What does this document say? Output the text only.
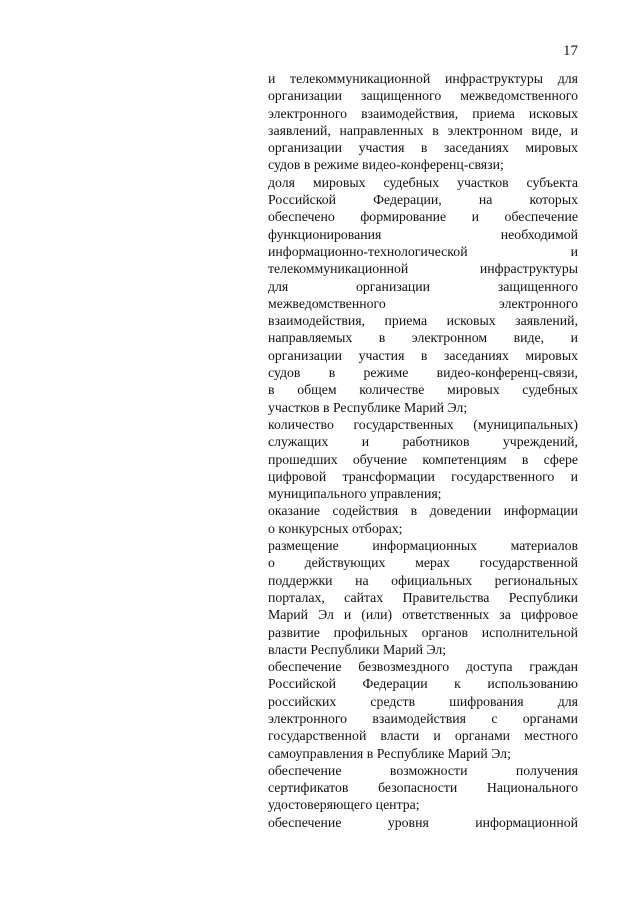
17
и телекоммуникационной инфраструктуры для
организации защищенного межведомственного
электронного взаимодействия, приема исковых
заявлений, направленных в электронном виде, и
организации участия в заседаниях мировых
судов в режиме видео-конференц-связи;
доля мировых судебных участков субъекта
Российской Федерации, на которых
обеспечено формирование и обеспечение
функционирования необходимой
информационно-технологической и
телекоммуникационной инфраструктуры
для организации защищенного
межведомственного электронного
взаимодействия, приема исковых заявлений,
направляемых в электронном виде, и
организации участия в заседаниях мировых
судов в режиме видео-конференц-связи,
в общем количестве мировых судебных
участков в Республике Марий Эл;
количество государственных (муниципальных)
служащих и работников учреждений,
прошедших обучение компетенциям в сфере
цифровой трансформации государственного и
муниципального управления;
оказание содействия в доведении информации
о конкурсных отборах;
размещение информационных материалов
о действующих мерах государственной
поддержки на официальных региональных
порталах, сайтах Правительства Республики
Марий Эл и (или) ответственных за цифровое
развитие профильных органов исполнительной
власти Республики Марий Эл;
обеспечение безвозмездного доступа граждан
Российской Федерации к использованию
российских средств шифрования для
электронного взаимодействия с органами
государственной власти и органами местного
самоуправления в Республике Марий Эл;
обеспечение возможности получения
сертификатов безопасности Национального
удостоверяющего центра;
обеспечение уровня информационной
